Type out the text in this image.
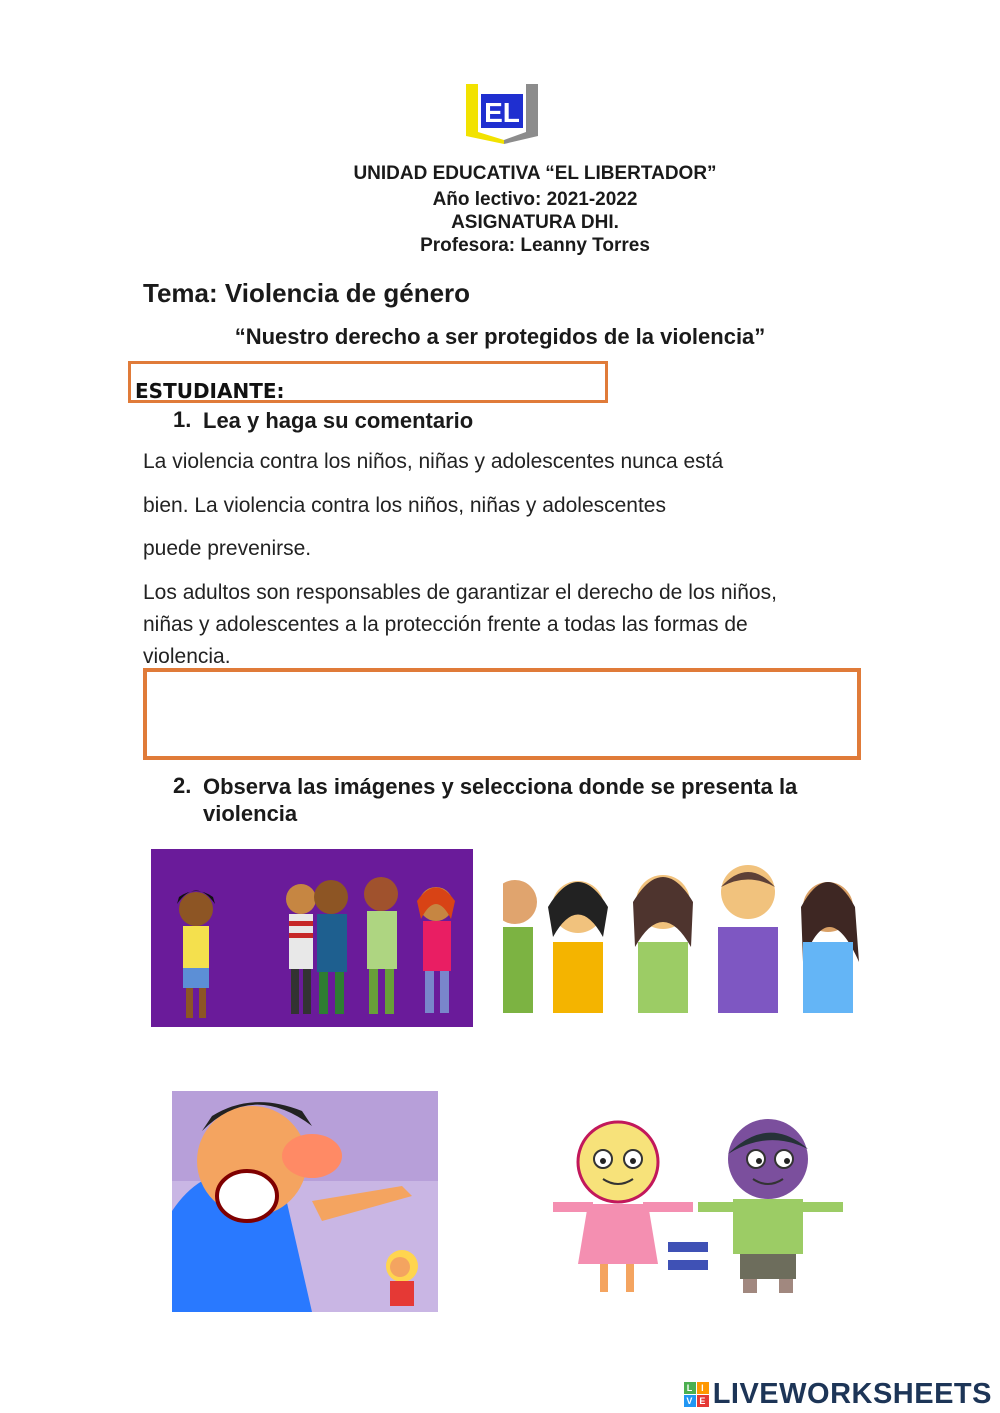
EL
UNIDAD EDUCATIVA “EL LIBERTADOR”
Año lectivo: 2021-2022
ASIGNATURA DHI.
Profesora: Leanny Torres
Tema: Violencia de género
“Nuestro derecho a ser protegidos de la violencia”
ESTUDIANTE:
1. Lea y haga su comentario
La violencia contra los niños, niñas y adolescentes nunca está
bien. La violencia contra los niños, niñas y adolescentes
puede prevenirse.
Los adultos son responsables de garantizar el derecho de los niños,
niñas y adolescentes a la protección frente a todas las formas de
violencia.
2. Observa las imágenes y selecciona donde se presenta la violencia
L I
V E LIVEWORKSHEETS
